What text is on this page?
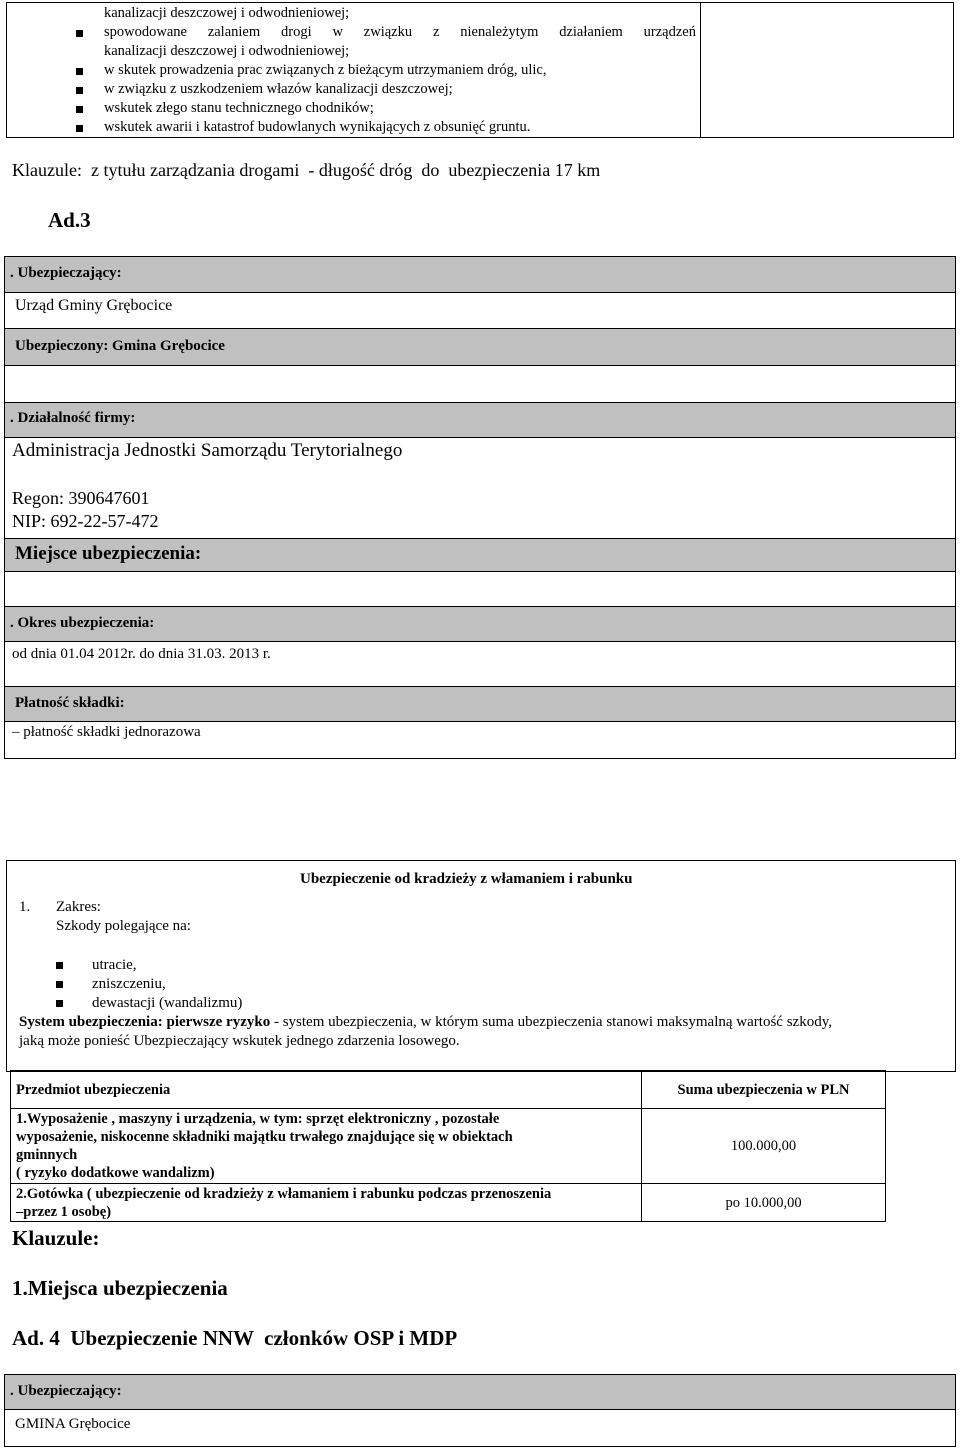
kanalizacji deszczowej i odwodnieniowej;
spowodowane zalaniem drogi w związku z nienależytym działaniem urządzeń
kanalizacji deszczowej i odwodnieniowej;
w skutek prowadzenia prac związanych z bieżącym utrzymaniem dróg, ulic,
w związku z uszkodzeniem włazów kanalizacji deszczowej;
wskutek złego stanu technicznego chodników;
wskutek awarii i katastrof budowlanych wynikających z obsunięć gruntu.
Klauzule:  z tytułu zarządzania drogami  - długość dróg  do  ubezpieczenia 17 km
Ad.3
. Ubezpieczający:
Urząd Gminy Grębocice
Ubezpieczony: Gmina Grębocice
. Działalność firmy:
Administracja Jednostki Samorządu Terytorialnego
Regon: 390647601
NIP: 692-22-57-472
Miejsce ubezpieczenia:
. Okres ubezpieczenia:
od dnia 01.04 2012r. do dnia 31.03. 2013 r.
Płatność składki:
– płatność składki jednorazowa
Ubezpieczenie od kradzieży z włamaniem i rabunku
1. Zakres:
Szkody polegające na:
utracie,
zniszczeniu,
dewastacji (wandalizmu)
System ubezpieczenia: pierwsze ryzyko - system ubezpieczenia, w którym suma ubezpieczenia stanowi maksymalną wartość szkody,
jaką może ponieść Ubezpieczający wskutek jednego zdarzenia losowego.
Przedmiot ubezpieczenia	Suma ubezpieczenia w PLN

1.Wyposażenie , maszyny i urządzenia, w tym: sprzęt elektroniczny , pozostałe
wyposażenie, niskocenne składniki majątku trwałego znajdujące się w obiektach
gminnych
( ryzyko dodatkowe wandalizm)	100.000,00

2.Gotówka ( ubezpieczenie od kradzieży z włamaniem i rabunku podczas przenoszenia
–przez 1 osobę)	po 10.000,00
Klauzule:
1.Miejsca ubezpieczenia
Ad. 4  Ubezpieczenie NNW  członków OSP i MDP
. Ubezpieczający:
GMINA Grębocice
